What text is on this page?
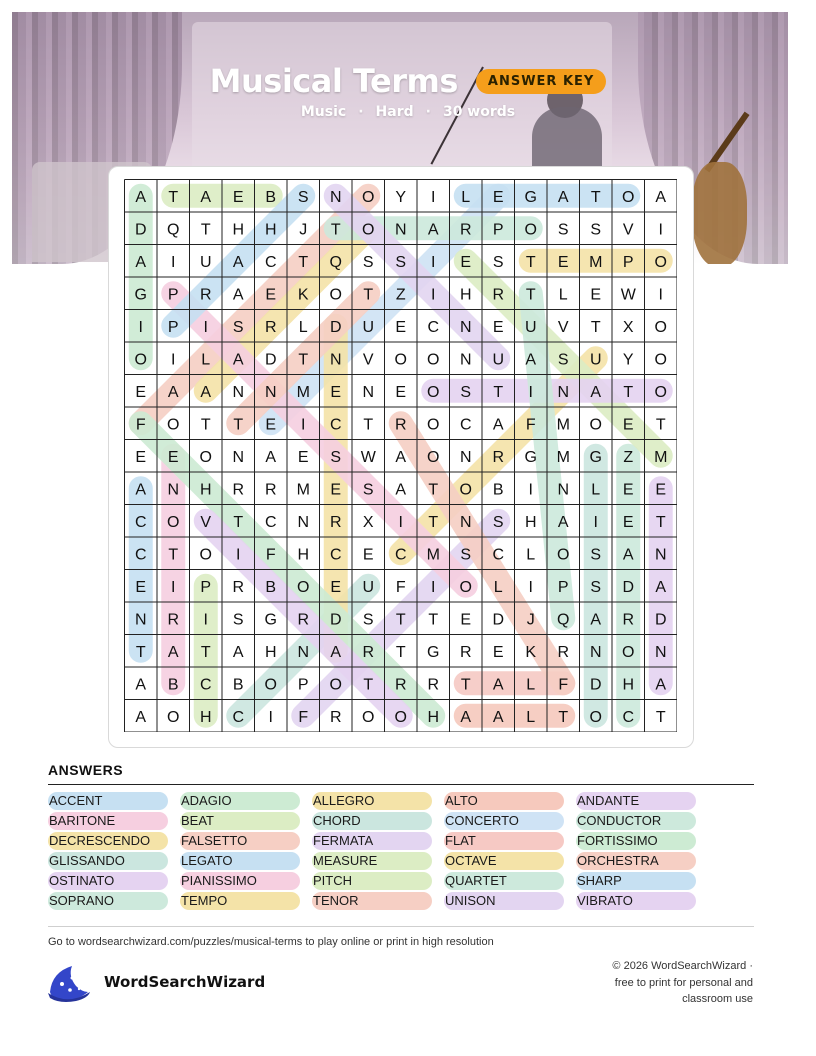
Musical Terms	ANSWER KEY
Music · Hard · 30 words
A T A E B S N O Y I L E G A T O A
D Q T H H J T O N A R P O S S V I
A I U A C T Q S S I E S T E M P O
G P R A E K O T Z I H R T L E W I
I P I S R L D U E C N E U V T X O
O I L A D T N V O O N U A S U Y O
E A A N N M E N E O S T I N A T O
F O T T E I C T R O C A F M O E T
E E O N A E S W A O N R G M G Z M
A N H R R M E S A T O B I N L E E
C O V T C N R X I T N S H A I E T
C T O I F H C E C M S C L O S A N
E I P R B O E U F I O L I P S D A
N R I S G R D S T T E D J Q A R D
T A T A H N A R T G R E K R N O N
A B C B O P O T R R T A L F D H A
A O H C I F R O O H A A L T O C T
ANSWERS
ACCENT	ADAGIO	ALLEGRO	ALTO	ANDANTE
BARITONE	BEAT	CHORD	CONCERTO	CONDUCTOR
DECRESCENDO	FALSETTO	FERMATA	FLAT	FORTISSIMO
GLISSANDO	LEGATO	MEASURE	OCTAVE	ORCHESTRA
OSTINATO	PIANISSIMO	PITCH	QUARTET	SHARP
SOPRANO	TEMPO	TENOR	UNISON	VIBRATO
Go to wordsearchwizard.com/puzzles/musical-terms to play online or print in high resolution
WordSearchWizard
© 2026 WordSearchWizard ·
free to print for personal and
classroom use
